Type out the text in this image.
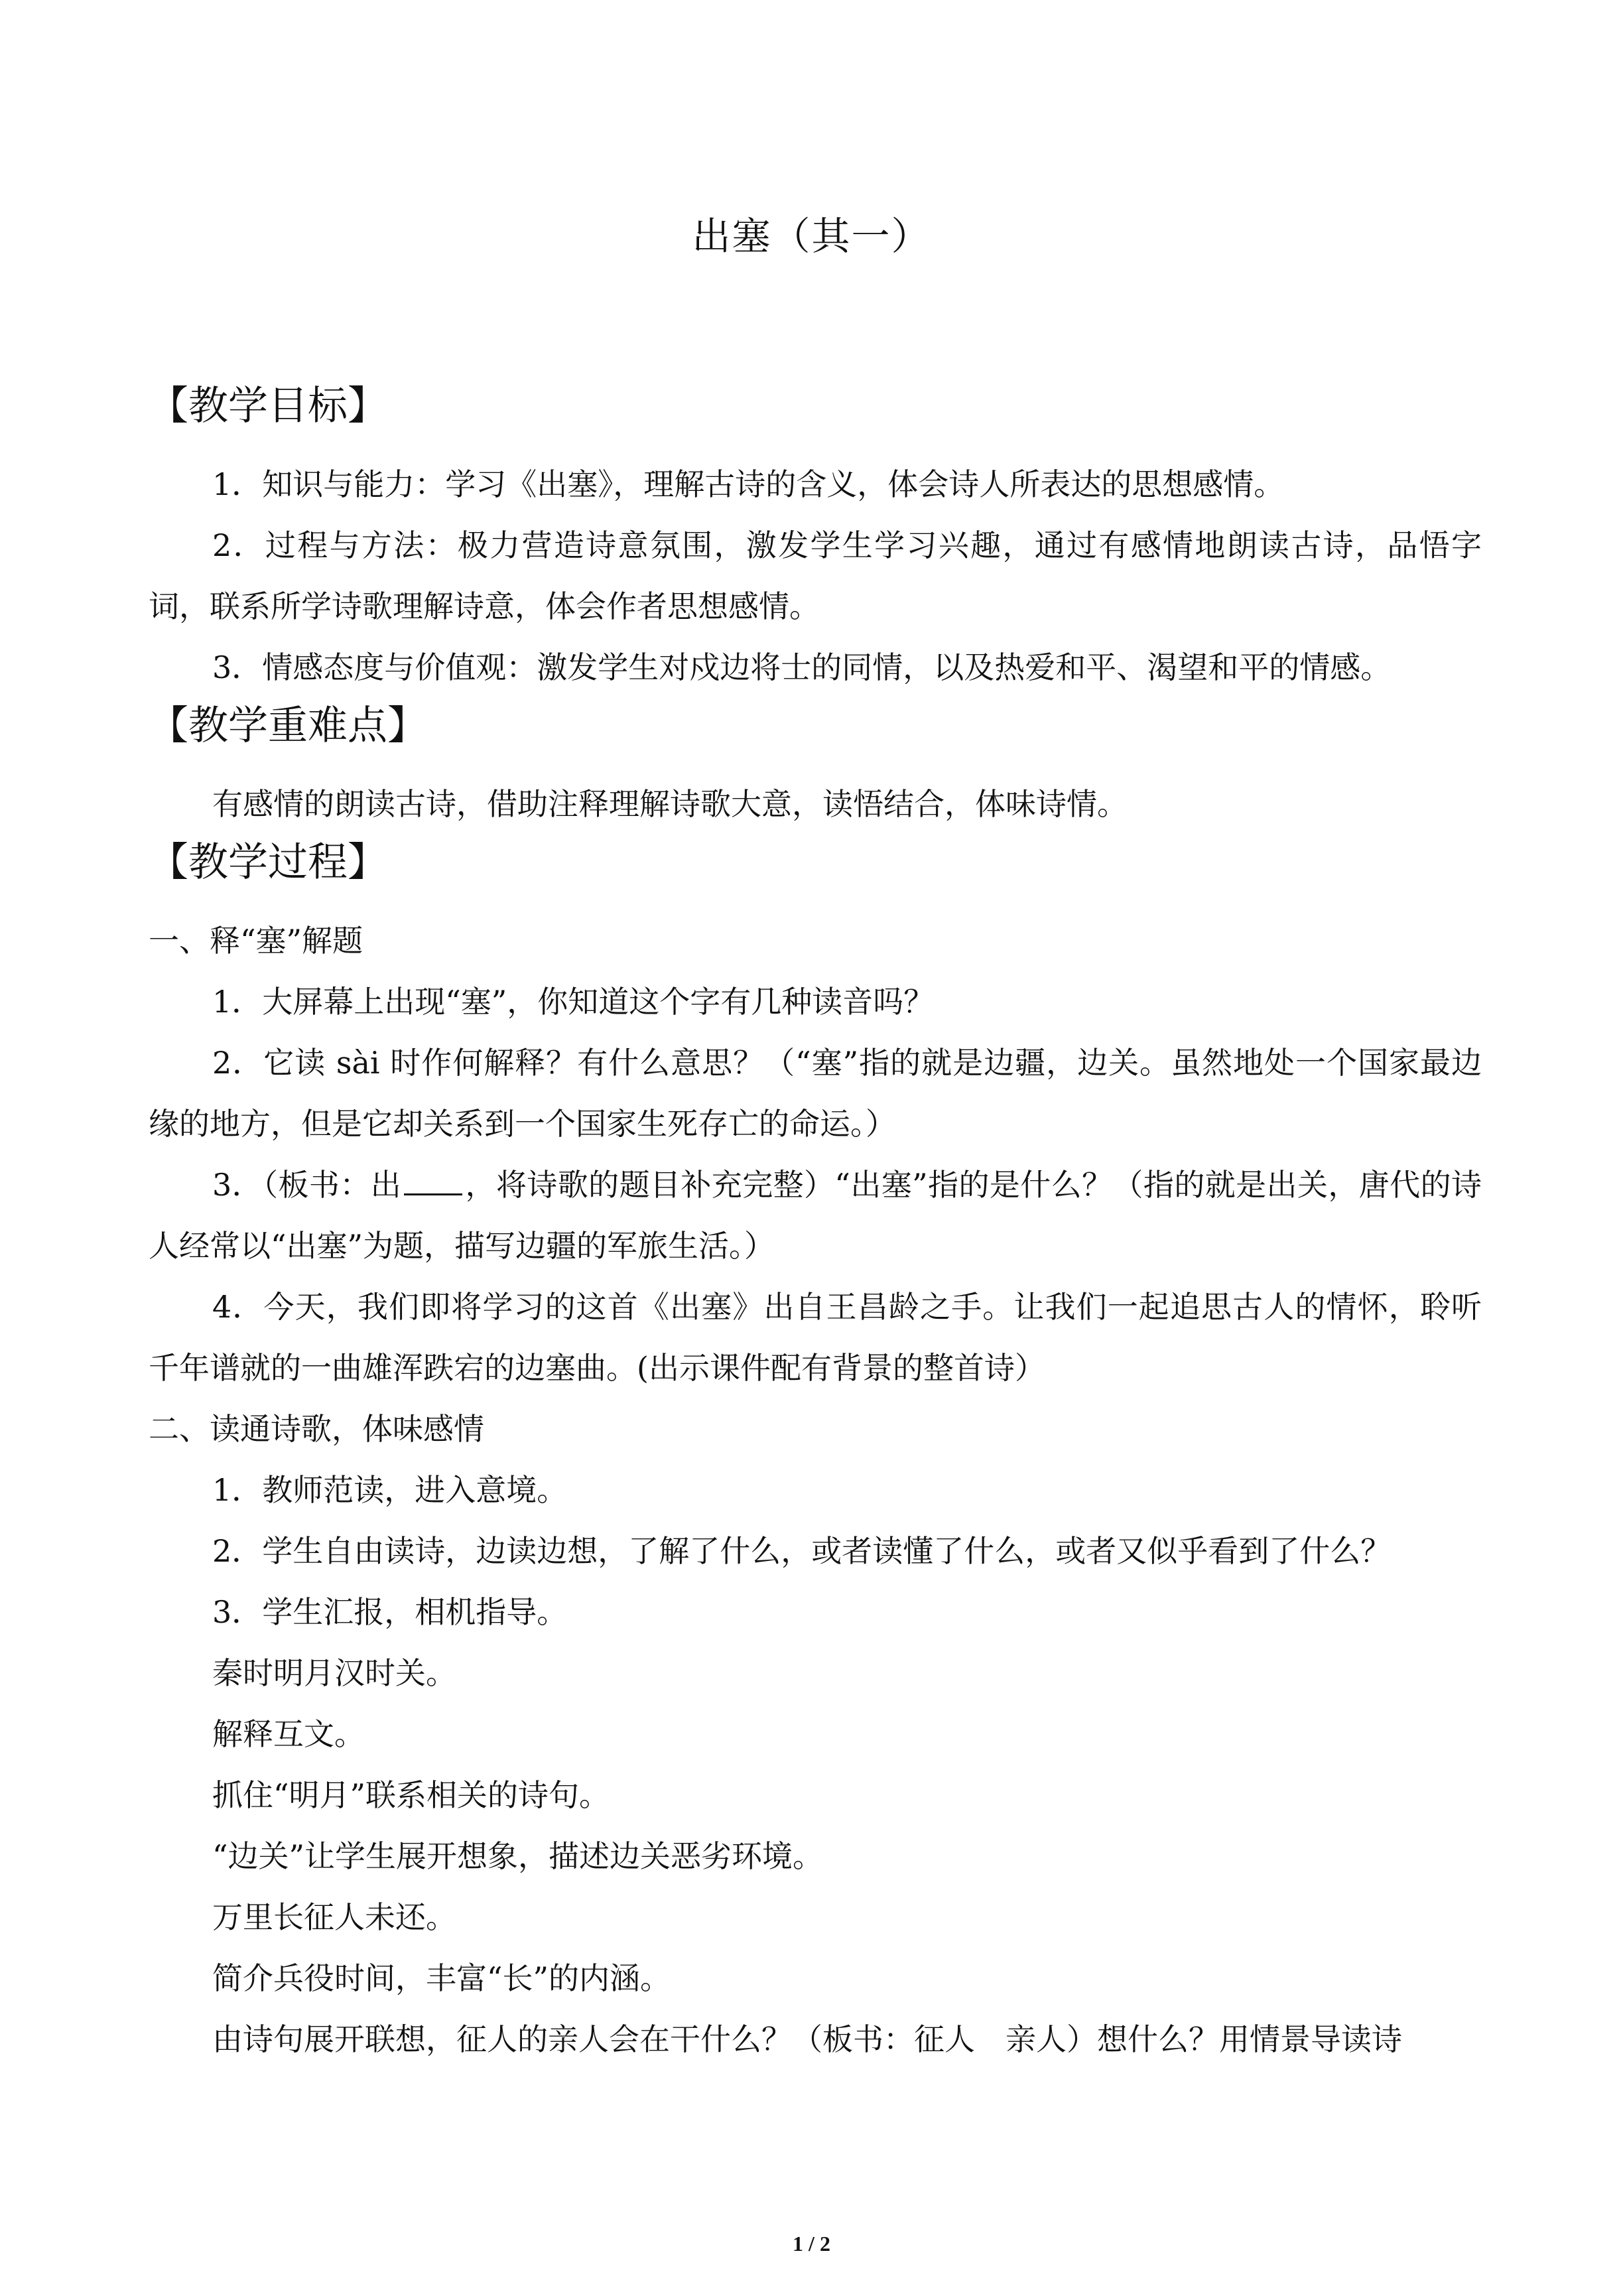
出塞（其一）
【教学目标】

1．知识与能力：学习《出塞》，理解古诗的含义，体会诗人所表达的思想感情。

2．过程与方法：极力营造诗意氛围，激发学生学习兴趣，通过有感情地朗读古诗，品悟字词，联系所学诗歌理解诗意，体会作者思想感情。

3．情感态度与价值观：激发学生对戍边将士的同情，以及热爱和平、渴望和平的情感。

【教学重难点】

有感情的朗读古诗，借助注释理解诗歌大意，读悟结合，体味诗情。

【教学过程】

一、释“塞”解题

1．大屏幕上出现“塞”，你知道这个字有几种读音吗？

2．它读 sài 时作何解释？有什么意思？（“塞”指的就是边疆，边关。虽然地处一个国家最边缘的地方，但是它却关系到一个国家生死存亡的命运。）

3．（板书：出 ，将诗歌的题目补充完整）“出塞”指的是什么？（指的就是出关，唐代的诗人经常以“出塞”为题，描写边疆的军旅生活。）

4．今天，我们即将学习的这首《出塞》出自王昌龄之手。让我们一起追思古人的情怀，聆听千年谱就的一曲雄浑跌宕的边塞曲。(出示课件配有背景的整首诗）

二、读通诗歌，体味感情

1．教师范读，进入意境。

2．学生自由读诗，边读边想，了解了什么，或者读懂了什么，或者又似乎看到了什么？

3．学生汇报，相机指导。

秦时明月汉时关。

解释互文。

抓住“明月”联系相关的诗句。

“边关”让学生展开想象，描述边关恶劣环境。

万里长征人未还。

简介兵役时间，丰富“长”的内涵。

由诗句展开联想，征人的亲人会在干什么？（板书：征人　亲人）想什么？用情景导读诗

1 / 2
